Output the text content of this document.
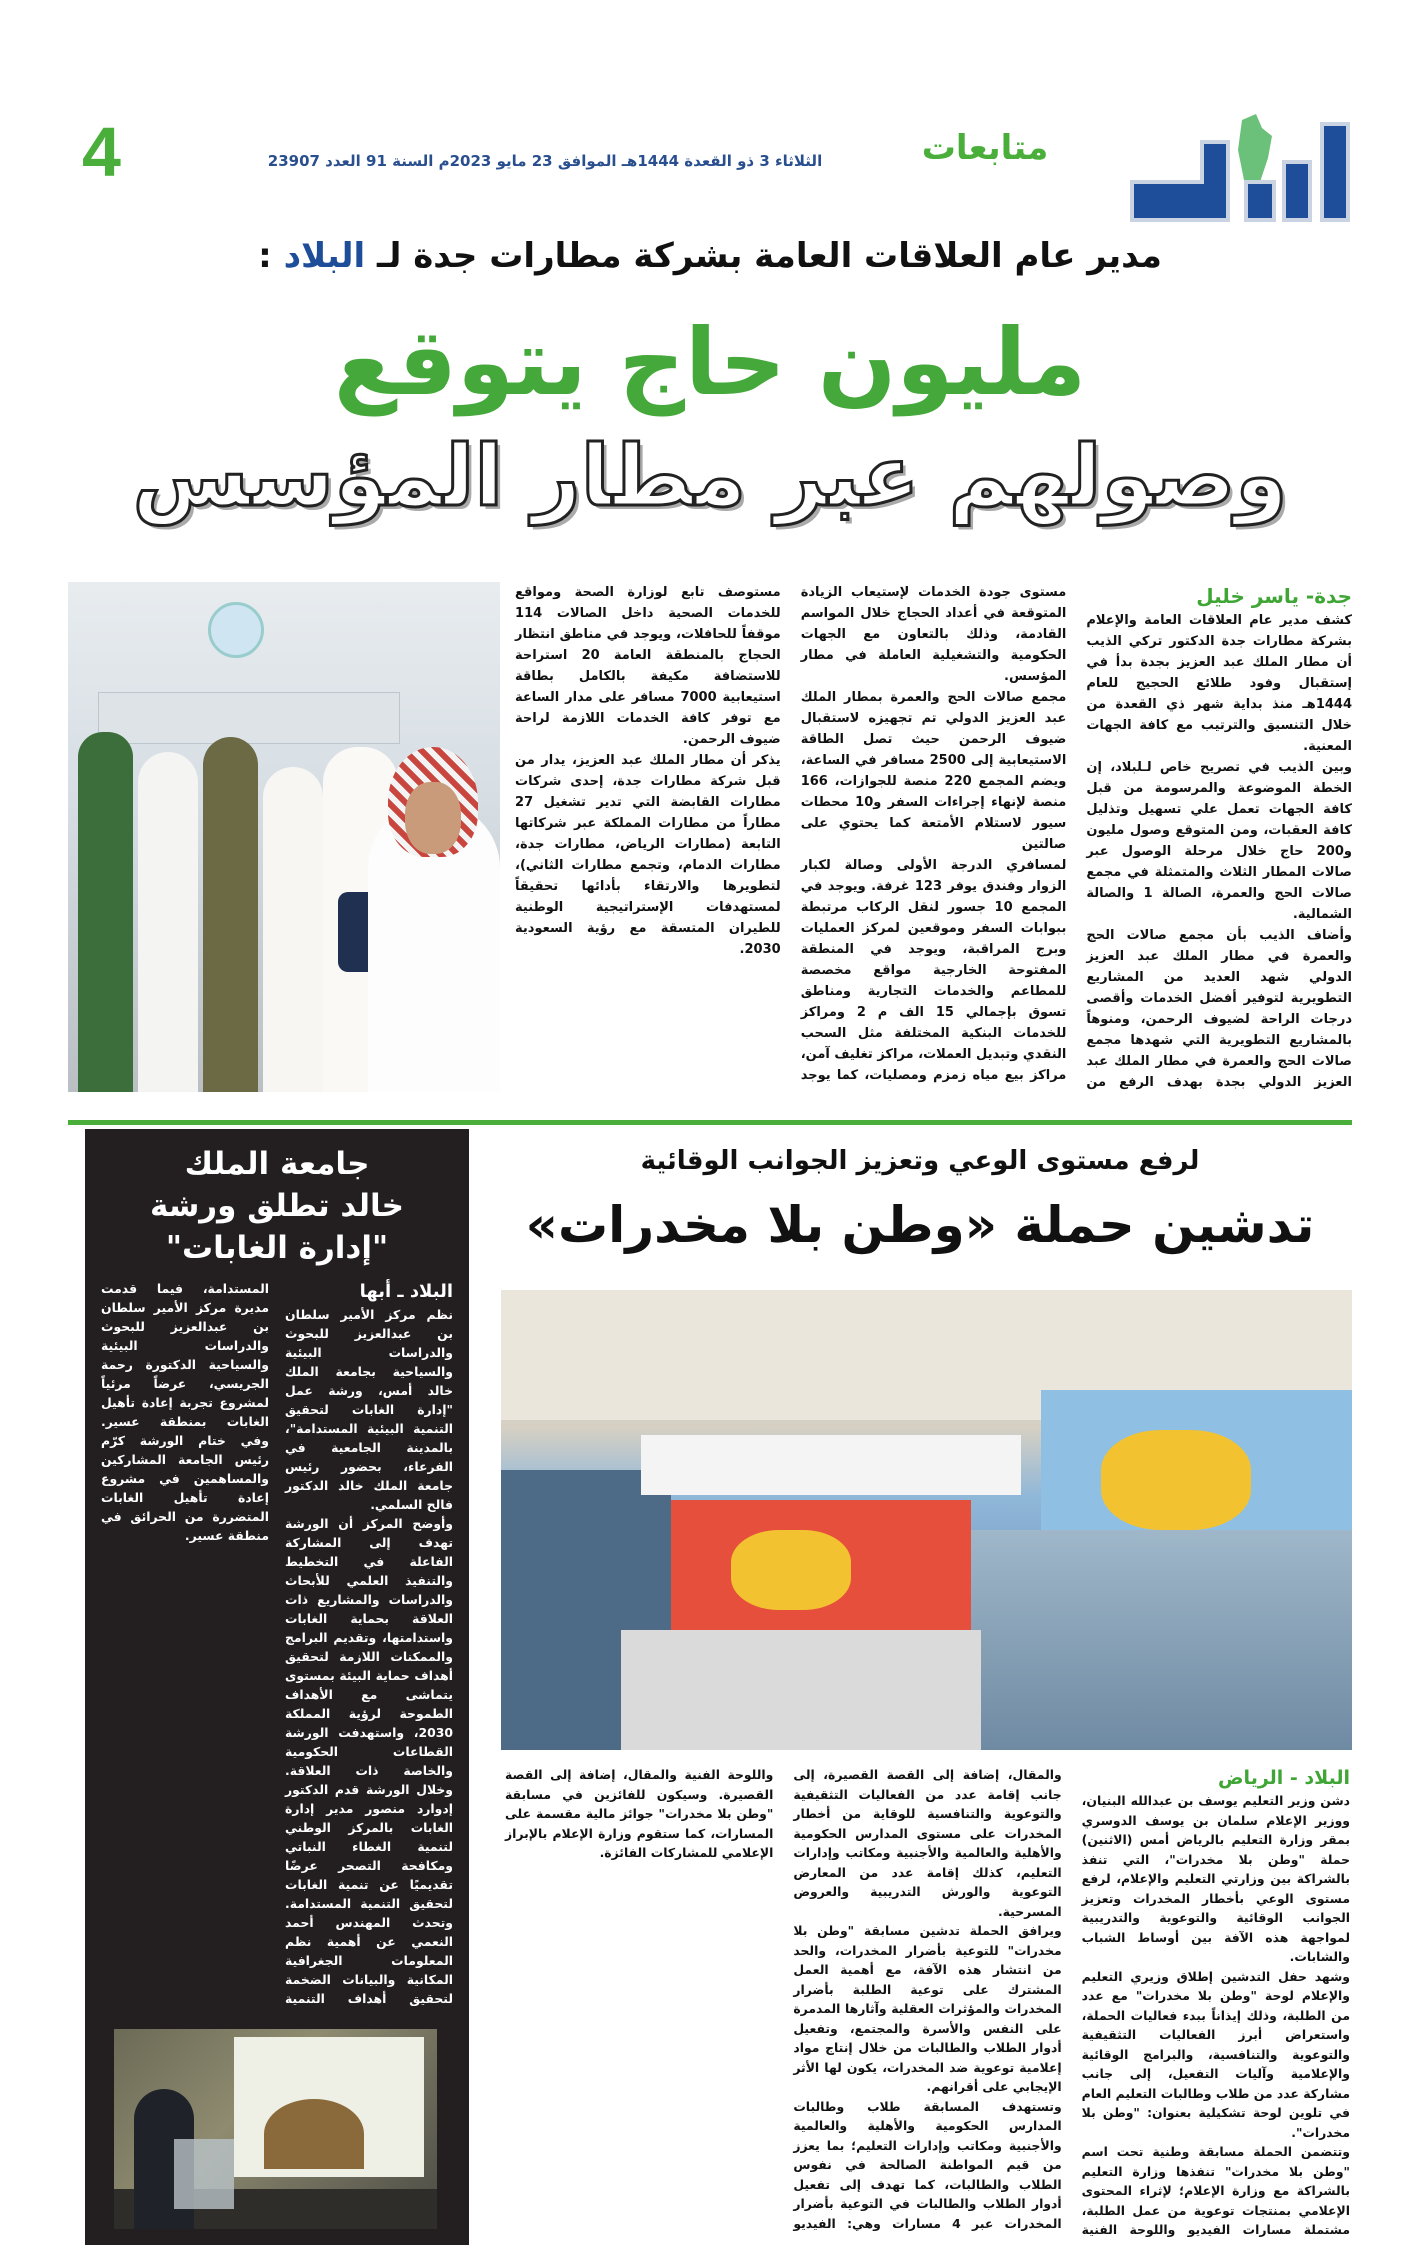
متابعات
الثلاثاء 3 ذو القعدة 1444هـ الموافق 23 مايو 2023م السنة 91 العدد 23907
4
مدير عام العلاقات العامة بشركة مطارات جدة لـ البلاد :
مليون حاج يتوقع
وصولهم عبر مطار المؤسس

جدة- ياسر خليل

كشف مدير عام العلاقات العامة والإعلام بشركة مطارات جدة الدكتور تركي الذيب أن مطار الملك عبد العزيز بجدة بدأ في إستقبال وفود طلائع الحجيج للعام 1444هـ منذ بداية شهر ذي القعدة من خلال التنسيق والترتيب مع كافة الجهات المعنية.

وبين الذيب في تصريح خاص لـلبلاد، إن الخطة الموضوعة والمرسومة من قبل كافة الجهات تعمل علي تسهيل وتذليل كافة العقبات، ومن المتوقع وصول مليون و200 حاج خلال مرحلة الوصول عبر صالات المطار الثلاث والمتمثلة في مجمع صالات الحج والعمرة، الصالة 1 والصالة الشمالية.

وأضاف الذيب بأن مجمع صالات الحج والعمرة في مطار الملك عبد العزيز الدولي شهد العديد من المشاريع التطويرية لتوفير أفضل الخدمات وأقصى درجات الراحة لضيوف الرحمن، ومنوهاً بالمشاريع التطويرية التي شهدها مجمع صالات الحج والعمرة في مطار الملك عبد العزيز الدولي بجدة بهدف الرفع من مستوى جودة الخدمات لإستيعاب الزيادة المتوقعة في أعداد الحجاج خلال المواسم القادمة، وذلك بالتعاون مع الجهات الحكومية والتشغيلية العاملة في مطار المؤسس.

مجمع صالات الحج والعمرة بمطار الملك عبد العزيز الدولي تم تجهيزه لاستقبال ضيوف الرحمن حيث تصل الطاقة الاستيعابية إلى 2500 مسافر في الساعة، ويضم المجمع 220 منصة للجوازات، 166 منصة لإنهاء إجراءات السفر و10 محطات سيور لاستلام الأمتعة كما يحتوي على صالتين

لمسافري الدرجة الأولى وصالة لكبار الزوار وفندق يوفر 123 غرفة. ويوجد في المجمع 10 جسور لنقل الركاب مرتبطة ببوابات السفر وموقعين لمركز العمليات وبرج المراقبة، ويوجد في المنطقة المفتوحة الخارجية مواقع مخصصة للمطاعم والخدمات التجارية ومناطق تسوق بإجمالي 15 الف م 2 ومراكز للخدمات البنكية المختلفة مثل السحب النقدي وتبديل العملات، مراكز تغليف آمن، مراكز بيع مياه زمزم ومصليات، كما يوجد مستوصف تابع لوزارة الصحة ومواقع للخدمات الصحية داخل الصالات 114 موقفاً للحافلات، ويوجد في مناطق انتظار الحجاج بالمنطقة العامة 20 استراحة للاستضافة مكيفة بالكامل بطاقة استيعابية 7000 مسافر على مدار الساعة مع توفر كافة الخدمات اللازمة لراحة ضيوف الرحمن.

يذكر أن مطار الملك عبد العزيز، يدار من قبل شركة مطارات جدة، إحدى شركات مطارات القابضة التي تدير تشغيل 27 مطاراً من مطارات المملكة عبر شركاتها التابعة (مطارات الرياض، مطارات جدة، مطارات الدمام، وتجمع مطارات الثاني)، لتطويرها والارتقاء بأدائها تحقيقاً لمستهدفات الإستراتيجية الوطنية للطيران المتسقة مع رؤية السعودية 2030.

جامعة الملك
خالد تطلق ورشة
"إدارة الغابات"

البلاد ـ أبها

نظم مركز الأمير سلطان بن عبدالعزيز للبحوث والدراسات البيئية والسياحية بجامعة الملك خالد أمس، ورشة عمل "إدارة الغابات لتحقيق التنمية البيئية المستدامة"، بالمدينة الجامعية في الفرعاء، بحضور رئيس جامعة الملك خالد الدكتور فالح السلمي.

وأوضح المركز أن الورشة تهدف إلى المشاركة الفاعلة في التخطيط والتنفيذ العلمي للأبحاث والدراسات والمشاريع ذات العلاقة بحماية الغابات واستدامتها، وتقديم البرامج والممكنات اللازمة لتحقيق أهداف حماية البيئة بمستوى يتماشى مع الأهداف الطموحة لرؤية المملكة 2030، واستهدفت الورشة القطاعات الحكومية والخاصة ذات العلاقة. وخلال الورشة قدم الدكتور إدوارد منصور مدير إدارة الغابات بالمركز الوطني لتنمية الغطاء النباتي ومكافحة التصحر عرضًا تقديميًا عن تنمية الغابات لتحقيق التنمية المستدامة. وتحدث المهندس أحمد النعمي عن أهمية نظم المعلومات الجغرافية المكانية والبيانات الضخمة لتحقيق أهداف التنمية المستدامة، فيما قدمت مديرة مركز الأمير سلطان بن عبدالعزيز للبحوث والدراسات البيئية والسياحية الدكتورة رحمة الجريسي، عرضاً مرئياً لمشروع تجربة إعادة تأهيل الغابات بمنطقة عسير. وفي ختام الورشة كرّم رئيس الجامعة المشاركين والمساهمين في مشروع إعادة تأهيل الغابات المتضررة من الحرائق في منطقة عسير.

لرفع مستوى الوعي وتعزيز الجوانب الوقائية
تدشين حملة «وطن بلا مخدرات»

البلاد - الرياض

دشن وزير التعليم يوسف بن عبدالله البنيان، ووزير الإعلام سلمان بن يوسف الدوسري بمقر وزارة التعليم بالرياض أمس (الاثنين) حملة "وطن بلا مخدرات"، التي تنفذ بالشراكة بين وزارتي التعليم والإعلام، لرفع مستوى الوعي بأخطار المخدرات وتعزيز الجوانب الوقائية والتوعوية والتدريبية لمواجهة هذه الآفة بين أوساط الشباب والشابات.

وشهد حفل التدشين إطلاق وزيري التعليم والإعلام لوحة "وطن بلا مخدرات" مع عدد من الطلبة، وذلك إيذاناً ببدء فعاليات الحملة، واستعراض أبرز الفعاليات التثقيفية والتوعوية والتنافسية، والبرامج الوقائية والإعلامية وآليات التفعيل، إلى جانب مشاركة عدد من طلاب وطالبات التعليم العام في تلوين لوحة تشكيلية بعنوان: "وطن بلا مخدرات".

وتتضمن الحملة مسابقة وطنية تحت اسم "وطن بلا مخدرات" تنفذها وزارة التعليم بالشراكة مع وزارة الإعلام؛ لإثراء المحتوى الإعلامي بمنتجات توعوية من عمل الطلبة، مشتملة مسارات الفيديو واللوحة الفنية والمقال، إضافة إلى القصة القصيرة، إلى جانب إقامة عدد من الفعاليات التثقيفية والتوعوية والتنافسية للوقاية من أخطار المخدرات على مستوى المدارس الحكومية والأهلية والعالمية والأجنبية ومكاتب وإدارات التعليم، كذلك إقامة عدد من المعارض التوعوية والورش التدريبية والعروض المسرحية.

ويرافق الحملة تدشين مسابقة "وطن بلا مخدرات" للتوعية بأضرار المخدرات، والحد من انتشار هذه الآفة، مع أهمية العمل المشترك على توعية الطلبة بأضرار المخدرات والمؤثرات العقلية وآثارها المدمرة على النفس والأسرة والمجتمع، وتفعيل أدوار الطلاب والطالبات من خلال إنتاج مواد إعلامية توعوية ضد المخدرات، يكون لها الأثر الإيجابي على أقرانهم.

وتستهدف المسابقة طلاب وطالبات المدارس الحكومية والأهلية والعالمية والأجنبية ومكاتب وإدارات التعليم؛ بما يعزز من قيم المواطنة الصالحة في نفوس الطلاب والطالبات، كما تهدف إلى تفعيل أدوار الطلاب والطالبات في التوعية بأضرار المخدرات عبر 4 مسارات وهي: الفيديو واللوحة الفنية والمقال، إضافة إلى القصة القصيرة. وسيكون للفائزين في مسابقة "وطن بلا مخدرات" جوائز مالية مقسمة على المسارات، كما ستقوم وزارة الإعلام بالإبراز الإعلامي للمشاركات الفائزة.
